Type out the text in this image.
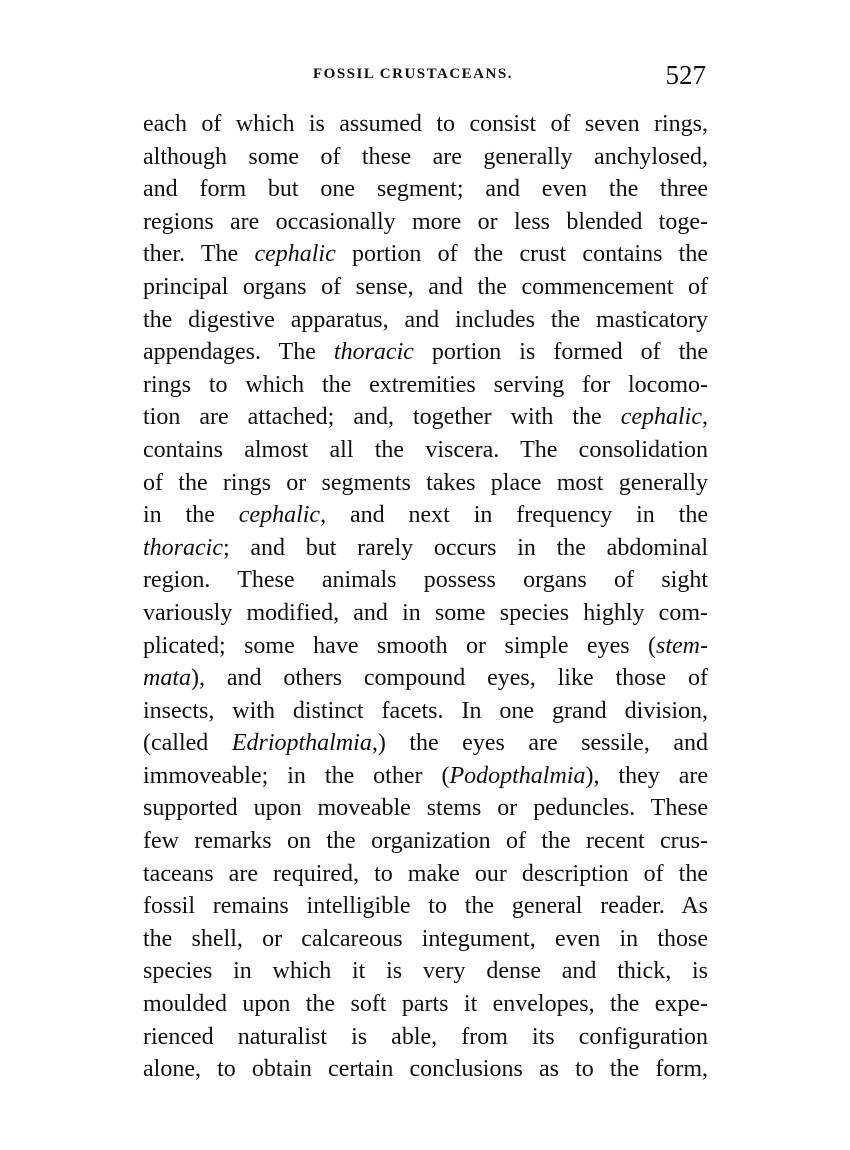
FOSSIL CRUSTACEANS.	527
each of which is assumed to consist of seven rings,
although some of these are generally anchylosed,
and form but one segment; and even the three
regions are occasionally more or less blended toge-
ther. The cephalic portion of the crust contains the
principal organs of sense, and the commencement of
the digestive apparatus, and includes the masticatory
appendages. The thoracic portion is formed of the
rings to which the extremities serving for locomo-
tion are attached; and, together with the cephalic,
contains almost all the viscera. The consolidation
of the rings or segments takes place most generally
in the cephalic, and next in frequency in the
thoracic; and but rarely occurs in the abdominal
region. These animals possess organs of sight
variously modified, and in some species highly com-
plicated; some have smooth or simple eyes (stem-
mata), and others compound eyes, like those of
insects, with distinct facets. In one grand division,
(called Edriopthalmia,) the eyes are sessile, and
immoveable; in the other (Podopthalmia), they are
supported upon moveable stems or peduncles. These
few remarks on the organization of the recent crus-
taceans are required, to make our description of the
fossil remains intelligible to the general reader. As
the shell, or calcareous integument, even in those
species in which it is very dense and thick, is
moulded upon the soft parts it envelopes, the expe-
rienced naturalist is able, from its configuration
alone, to obtain certain conclusions as to the form,
